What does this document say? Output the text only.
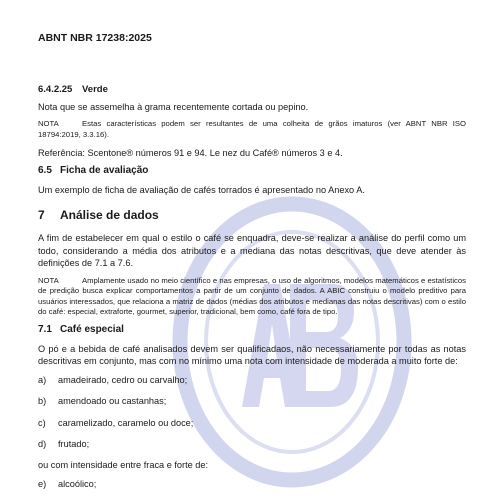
ABNT NBR 17238:2025
6.4.2.25 Verde

Nota que se assemelha à grama recentemente cortada ou pepino.

NOTA	Estas características podem ser resultantes de uma colheita de grãos imaturos (ver ABNT NBR ISO 18794:2019, 3.3.16).

Referência: Scentone® números 91 e 94. Le nez du Café® números 3 e 4.

6.5 Ficha de avaliação

Um exemplo de ficha de avaliação de cafés torrados é apresentado no Anexo A.

7 Análise de dados

A fim de estabelecer em qual o estilo o café se enquadra, deve-se realizar a análise do perfil como um todo, considerando a média dos atributos e a mediana das notas descritivas, que deve atender às definições de 7.1 a 7.6.

NOTA	Amplamente usado no meio científico e nas empresas, o uso de algoritmos, modelos matemáticos e estatísticos de predição busca explicar comportamentos a partir de um conjunto de dados. A ABIC construiu o modelo preditivo para usuários interessados, que relaciona a matriz de dados (médias dos atributos e medianas das notas descritivas) com o estilo do café: especial, extraforte, gourmet, superior, tradicional, bem como, café fora de tipo.

7.1 Café especial

O pó e a bebida de café analisados devem ser qualificadaos, não necessariamente por todas as notas descritivas em conjunto, mas com no mínimo uma nota com intensidade de moderada a muito forte de:

a) amadeirado, cedro ou carvalho;
b) amendoado ou castanhas;
c) caramelizado, caramelo ou doce;
d) frutado;

ou com intensidade entre fraca e forte de:

e) alcoólico;
